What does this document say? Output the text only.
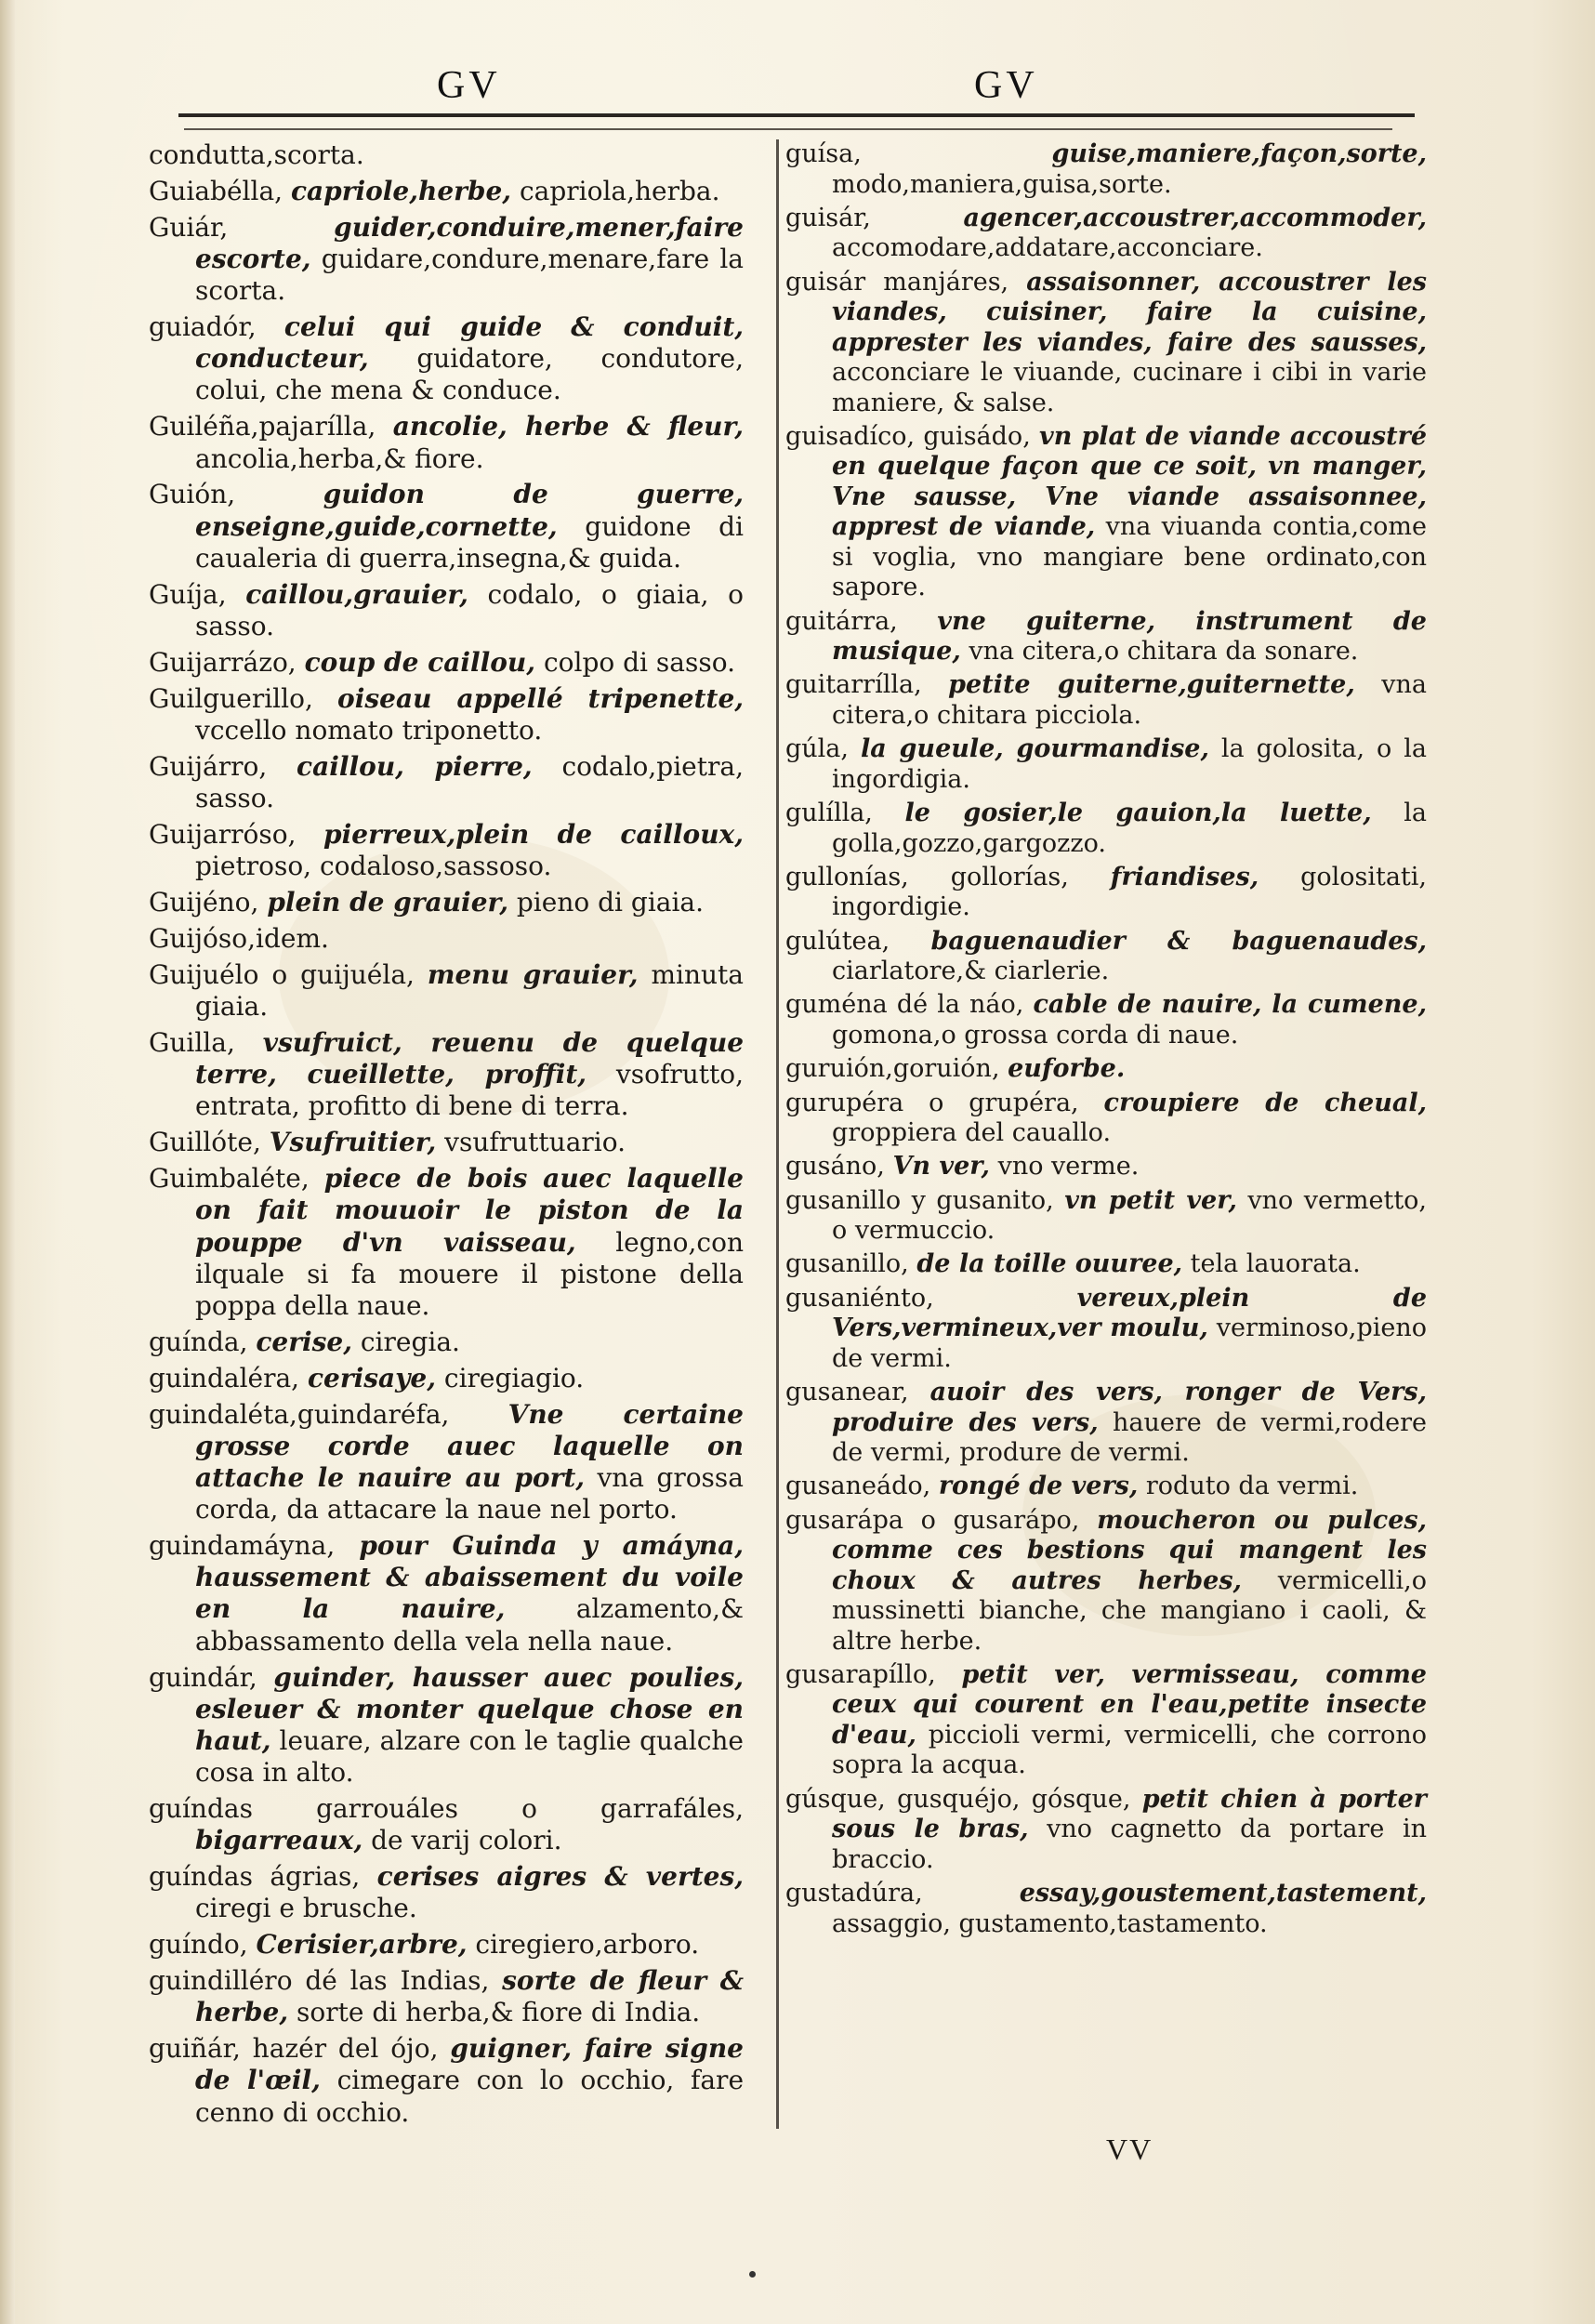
GV	GV

condutta,scorta.

Guiabélla, capriole,herbe, capriola,herba.

Guiár,	guider,conduire,mener,faire escorte, guidare,condure,menare,fare la scorta.

guiadór, celui qui guide & conduit, conducteur, guidatore, condutore, colui, che mena & conduce.

Guiléña,pajarílla, ancolie, herbe & fleur, ancolia,herba,& fiore.

Guión,	guidon de guerre, enseigne,guide,cornette, guidone di caualeria di guerra,insegna,& guida.

Guíja, caillou,grauier, codalo, o giaia, o sasso.

Guijarrázo, coup de caillou, colpo di sasso.

Guilguerillo, oiseau appellé tripenette, vccello nomato triponetto.

Guijárro, caillou, pierre, codalo,pietra, sasso.

Guijarróso, pierreux,plein de cailloux, pietroso, codaloso,sassoso.

Guijéno, plein de grauier, pieno di giaia.

Guijóso,idem.

Guijuélo o guijuéla, menu grauier, minuta giaia.

Guilla, vsufruict, reuenu de quelque terre, cueillette, proffit, vsofrutto, entrata, profitto di bene di terra.

Guillóte, Vsufruitier, vsufruttuario.

Guimbaléte, piece de bois auec laquelle on fait mouuoir le piston de la pouppe d'vn vaisseau, legno,con ilquale si fa mouere il pistone della poppa della naue.

guínda, cerise, ciregia.

guindaléra, cerisaye, ciregiagio.

guindaléta,guindaréfa, Vne certaine grosse corde auec laquelle on attache le nauire au port, vna grossa corda, da attacare la naue nel porto.

guindamáyna, pour Guinda y amáyna, haussement & abaissement du voile en la nauire,	alzamento,& abbassamento della vela nella naue.

guindár, guinder, hausser auec poulies, esleuer & monter quelque chose en haut, leuare, alzare con le taglie qualche cosa in alto.

guíndas garrouáles o garrafáles, bigarreaux, de varij colori.

guíndas ágrias, cerises aigres & vertes, ciregi e brusche.

guíndo, Cerisier,arbre, ciregiero,arboro.

guindilléro dé las Indias, sorte de fleur & herbe, sorte di herba,& fiore di India.

guiñár, hazér del ójo, guigner, faire signe de l'œil, cimegare con lo occhio, fare cenno di occhio.

guísa,	guise,maniere,façon,sorte, modo,maniera,guisa,sorte.

guisár,	agencer,accoustrer,accommoder, accomodare,addatare,acconciare.

guisár manjáres, assaisonner, accoustrer les viandes, cuisiner, faire la cuisine, apprester les viandes, faire des sausses, acconciare le viuande, cucinare i cibi in varie maniere, & salse.

guisadíco, guisádo, vn plat de viande accoustré en quelque façon que ce soit, vn manger, Vne sausse, Vne viande assaisonnee, apprest de viande, vna viuanda contia,come si voglia, vno mangiare bene ordinato,con sapore.

guitárra, vne guiterne, instrument de musique, vna citera,o chitara da sonare.

guitarrílla, petite guiterne,guiternette, vna citera,o chitara picciola.

gúla, la gueule, gourmandise, la golosita, o la ingordigia.

gulílla, le gosier,le gauion,la luette, la golla,gozzo,gargozzo.

gullonías, gollorías, friandises, golositati, ingordigie.

gulútea, baguenaudier & baguenaudes, ciarlatore,& ciarlerie.

guména dé la náo, cable de nauire, la cumene, gomona,o grossa corda di naue.

guruión,goruión, euforbe.

gurupéra o grupéra, croupiere de cheual, groppiera del cauallo.

gusáno, Vn ver, vno verme.

gusanillo y gusanito, vn petit ver, vno vermetto, o vermuccio.

gusanillo, de la toille ouuree, tela lauorata.

gusaniénto,	vereux,plein de Vers,vermineux,ver moulu, verminoso,pieno de vermi.

gusanear, auoir des vers, ronger de Vers, produire des vers, hauere de vermi,rodere de vermi, produre de vermi.

gusaneádo, rongé de vers, roduto da vermi.

gusarápa o gusarápo, moucheron ou pulces, comme ces bestions qui mangent les choux & autres herbes, vermicelli,o mussinetti bianche, che mangiano i caoli, & altre herbe.

gusarapíllo, petit ver, vermisseau, comme ceux qui courent en l'eau,petite insecte d'eau, piccioli vermi, vermicelli, che corrono sopra la acqua.

gúsque, gusquéjo, gósque, petit chien à porter sous le bras, vno cagnetto da portare in braccio.

gustadúra,	essay,goustement,tastement, assaggio, gustamento,tastamento.

VV
